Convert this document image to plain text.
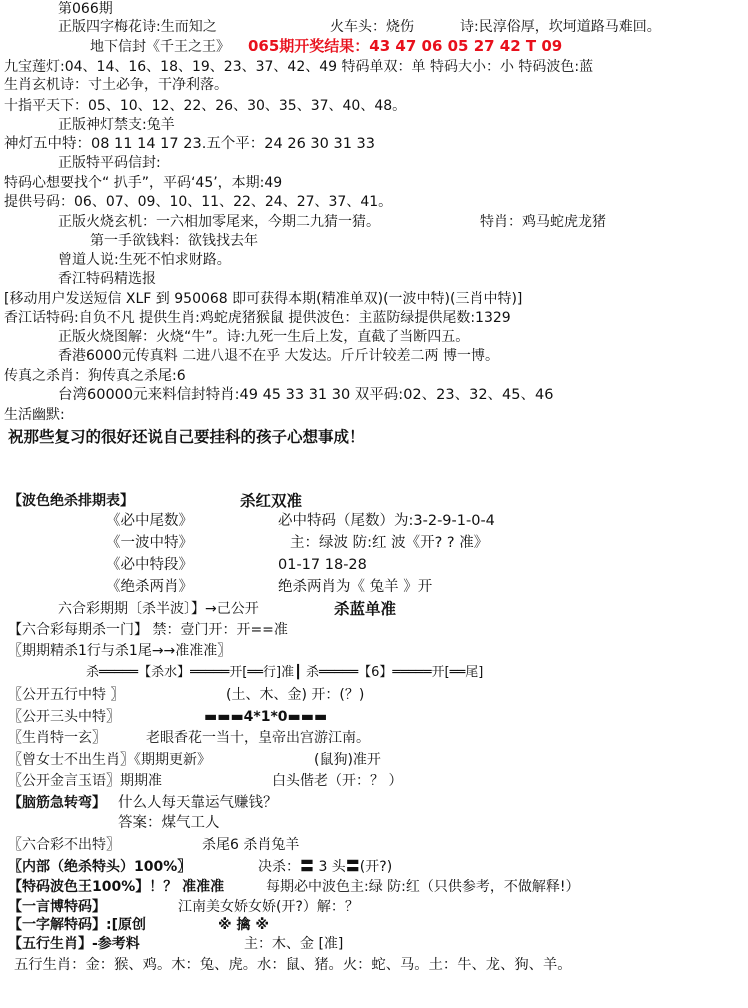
第066期
正版四字梅花诗:生而知之	火车头：烧伤	诗:民淳俗厚，坎坷道路马难回。
地下信封《千王之王》 065期开奖结果：43 47 06 05 27 42 T 09
九宝莲灯:04、14、16、18、19、23、37、42、49 特码单双：单 特码大小：小 特码波色:蓝
生肖玄机诗：寸土必争，干净利落。
十指平天下：05、10、12、22、26、30、35、37、40、48。
正版神灯禁支:兔羊
神灯五中特：08 11 14 17 23.五个平：24 26 30 31 33
正版特平码信封:
特码心想要找个“ 扒手”，平码‘45’，本期:49
提供号码：06、07、09、10、11、22、24、27、37、41。
正版火烧玄机：一六相加零尾来，今期二九猜一猜。	特肖：鸡马蛇虎龙猪
第一手欲钱料：欲钱找去年
曾道人说:生死不怕求财路。
香江特码精选报
[移动用户发送短信 XLF 到 950068 即可获得本期(精准单双)(一波中特)(三肖中特)]
香江话特码:自负不凡 提供生肖:鸡蛇虎猪猴鼠 提供波色：主蓝防绿提供尾数:1329
正版火烧图解：火烧“牛”。诗:九死一生后上发，直截了当断四五。
香港6000元传真料 二进八退不在乎 大发达。斤斤计较差二两 博一博。
传真之杀肖：狗传真之杀尾:6
台湾60000元来料信封特肖:49 45 33 31 30 双平码:02、23、32、45、46
生活幽默:
祝那些复习的很好还说自己要挂科的孩子心想事成！
【波色绝杀排期表】	杀红双准
《必中尾数》	必中特码（尾数）为:3-2-9-1-0-4
《一波中特》	主：绿波 防:红 波《开? ? 准》
《必中特段》	01-17 18-28
《绝杀两肖》	绝杀两肖为《 兔羊 》开
六合彩期期〔杀半波〕】→己公开	杀蓝单准
【六合彩每期杀一门】 禁：壹门开：开==准
〖期期精杀1行与杀1尾→→准准准〗
杀═════【杀水】═════开[══行]准┃ 杀═════【6】═════开[══尾]
〖公开五行中特 〗	(土、木、金) 开：(？)
〖公开三头中特〗	▬▬▬4*1*0▬▬▬
〖生肖特一玄〗	老眼香花一当十，皇帝出宫游江南。
〖曾女士不出生肖〗《期期更新》	(鼠狗)准开
〖公开金言玉语〗期期准	白头偕老（开：？ ）
【脑筋急转弯】 什么人每天靠运气赚钱？
答案：煤气工人
〖六合彩不出特〗	杀尾6 杀肖兔羊
〖内部（绝杀特头）100%〗	决杀：〓 3 头〓(开?)
【特码波色王100%】！？ 准准准	每期必中波色主:绿 防:红（只供参考，不做解释!）
【一言博特码】	江南美女娇女娇(开?）解：？
【一字解特码】:[原创	※ 擒 ※
【五行生肖】-参考料	主：木、金 [准]
五行生肖：金：猴、鸡。木：兔、虎。水：鼠、猪。火：蛇、马。土：牛、龙、狗、羊。
